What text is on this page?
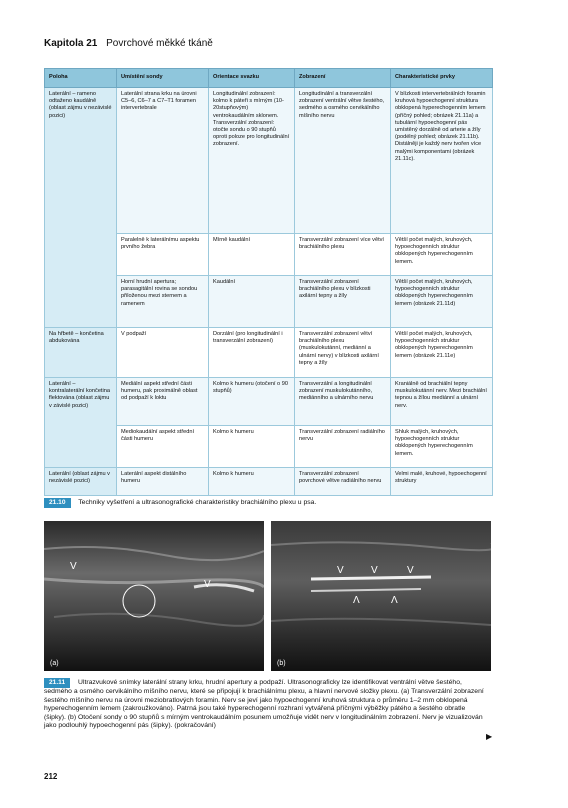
Kapitola 21 Povrchové měkké tkáně
Poloha	Umístění sondy	Orientace svazku	Zobrazení	Charakteristické prvky
Laterální – rameno odtaženo kaudálně (oblast zájmu v nezávislé pozici)	Laterální strana krku na úrovni C5–6, C6–7 a C7–T1 foramen intervertebrale	Longitudinální zobrazení: kolmo k páteři s mírným (10-20stupňovým) ventrokaudálním sklonem. Transverzální zobrazení: otočte sondu o 90 stupňů oproti poloze pro longitudinální zobrazení.	Longitudinální a transverzální zobrazení ventrální větve šestého, sedmého a osmého cervikálního míšního nervu	V blízkosti intervertebrálních foramin kruhová hypoechogenní struktura obklopená hyperechogenním lemem (příčný pohled; obrázek 21.11a) a tubulární hypoechogenní pás umístěný dorzálně od arterie a žíly (podélný pohled; obrázek 21.11b). Distálněji je každý nerv tvořen více malými komponentami (obrázek 21.11c).
	Paralelně k laterálnímu aspektu prvního žebra	Mírně kaudální	Transverzální zobrazení více větví brachiálního plexu	Větší počet malých, kruhových, hypoechogenních struktur obklopených hyperechogenním lemem.
	Horní hrudní apertura; parasagitální rovina se sondou přiloženou mezi sternem a ramenem	Kaudální	Transverzální zobrazení brachiálního plexu v blízkosti axilární tepny a žíly	Větší počet malých, kruhových, hypoechogenních struktur obklopených hyperechogenním lemem (obrázek 21.11d)
Na hřbetě – končetina abdukována	V podpaží	Dorzální (pro longitudinální i transverzální zobrazení)	Transverzální zobrazení větví brachiálního plexu (muskulokutánní, mediánní a ulnární nervy) v blízkosti axilární tepny a žíly	Větší počet malých, kruhových, hypoechogenních struktur obklopených hyperechogenním lemem (obrázek 21.11e)
Laterální – kontralaterální končetina flektována (oblast zájmu v závislé pozici)	Mediální aspekt střední části humeru, pak proximálně oblast od podpaží k loktu	Kolmo k humeru (otočení o 90 stupňů)	Transverzální a longitudinální zobrazení muskulokutánního, mediánního a ulnárního nervu	Kraniálně od brachiální tepny muskulokutánní nerv. Mezi brachiální tepnou a žílou mediánní a ulnární nerv.
	Mediokaudální aspekt střední části humeru	Kolmo k humeru	Transverzální zobrazení radiálního nervu	Shluk malých, kruhových, hypoechogenních struktur obklopených hyperechogenním lemem.
Laterální (oblast zájmu v nezávislé pozici)	Laterální aspekt distálního humeru	Kolmo k humeru	Transverzální zobrazení povrchové větve radiálního nervu	Velmi malé, kruhové, hypoechogenní struktury
21.10 Techniky vyšetření a ultrasonografické charakteristiky brachiálního plexu u psa.
V
V
(a)
V	V	V
Λ	Λ
(b)
21.11 Ultrazvukové snímky laterální strany krku, hrudní apertury a podpaží. Ultrasonograficky lze identifikovat ventrální větve šestého, sedmého a osmého cervikálního míšního nervu, které se připojují k brachiálnímu plexu, a hlavní nervové složky plexu. (a) Transverzální zobrazení šestého míšního nervu na úrovni meziobratlových foramin. Nerv se jeví jako hypoechogenní kruhová struktura o průměru 1–2 mm obklopená hyperechogenním lemem (zakroužkováno). Patrná jsou také hyperechogenní rozhraní vytvářená příčnými výběžky pátého a šestého obratle (šipky). (b) Otočení sondy o 90 stupňů s mírným ventrokaudálním posunem umožňuje vidět nerv v longitudinálním zobrazení. Nerv je vizualizován jako podlouhlý hypoechogenní pás (šipky). (pokračování)
▶
212
